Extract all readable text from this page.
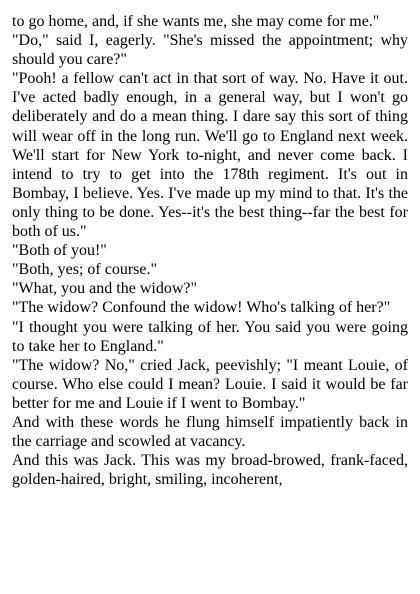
to go home, and, if she wants me, she may come for me."

"Do," said I, eagerly. "She's missed the appointment; why should you care?"

"Pooh! a fellow can't act in that sort of way. No. Have it out. I've acted badly enough, in a general way, but I won't go deliberately and do a mean thing. I dare say this sort of thing will wear off in the long run. We'll go to England next week. We'll start for New York to-night, and never come back. I intend to try to get into the 178th regiment. It's out in Bombay, I believe. Yes. I've made up my mind to that. It's the only thing to be done. Yes--it's the best thing--far the best for both of us."

"Both of you!"

"Both, yes; of course."

"What, you and the widow?"

"The widow? Confound the widow! Who's talking of her?"

"I thought you were talking of her. You said you were going to take her to England."

"The widow? No," cried Jack, peevishly; "I meant Louie, of course. Who else could I mean? Louie. I said it would be far better for me and Louie if I went to Bombay."

And with these words he flung himself impatiently back in the carriage and scowled at vacancy.

And this was Jack. This was my broad-browed, frank-faced, golden-haired, bright, smiling, incoherent,
